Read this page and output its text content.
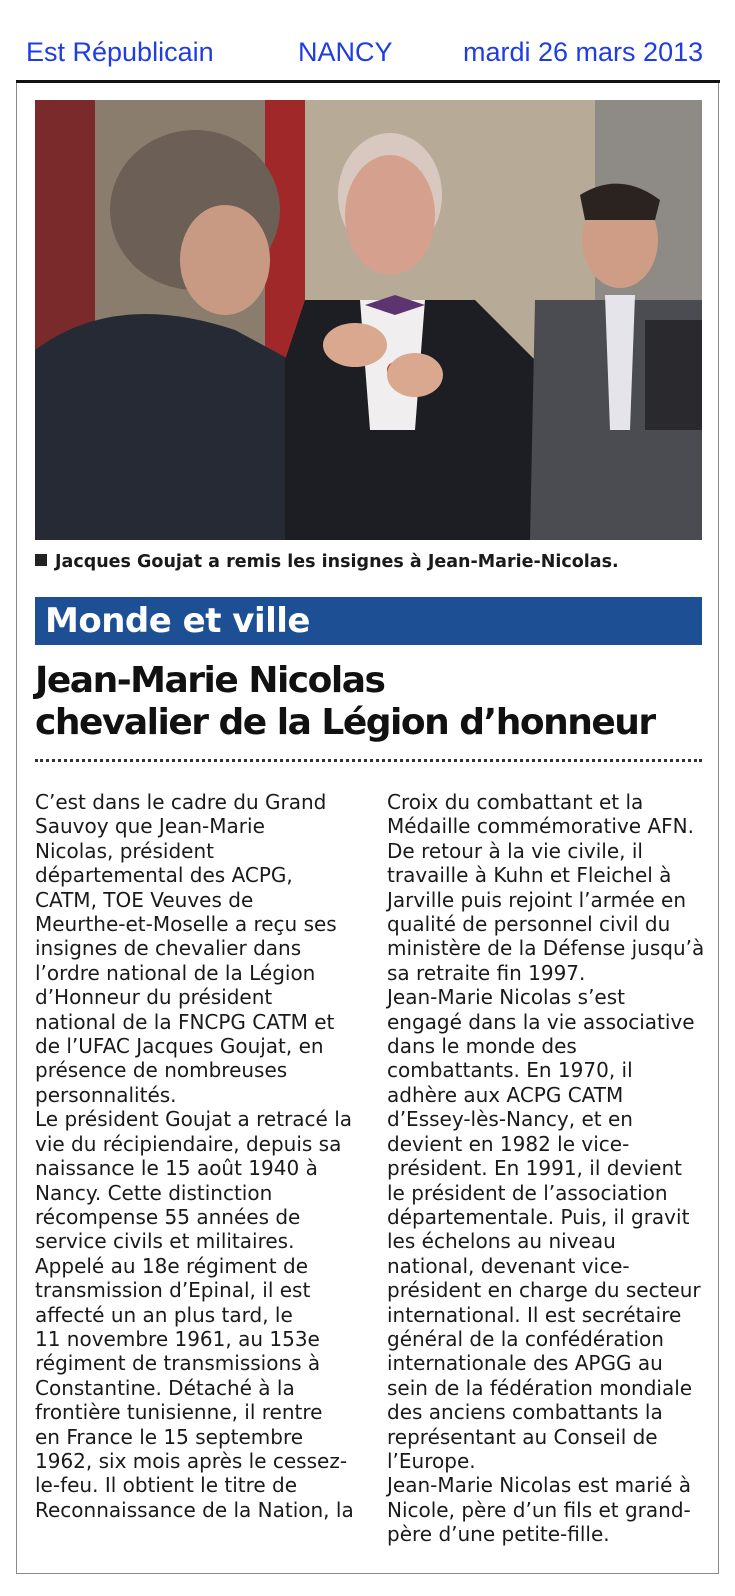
Est Républicain	NANCY	mardi 26 mars 2013
Jacques Goujat a remis les insignes à Jean-Marie-Nicolas.
Monde et ville
Jean-Marie Nicolas
chevalier de la Légion d’honneur
C’est dans le cadre du Grand
Sauvoy que Jean-Marie
Nicolas, président
départemental des ACPG,
CATM, TOE Veuves de
Meurthe-et-Moselle a reçu ses
insignes de chevalier dans
l’ordre national de la Légion
d’Honneur du président
national de la FNCPG CATM et
de l’UFAC Jacques Goujat, en
présence de nombreuses
personnalités.
Le président Goujat a retracé la
vie du récipiendaire, depuis sa
naissance le 15 août 1940 à
Nancy. Cette distinction
récompense 55 années de
service civils et militaires.
Appelé au 18e régiment de
transmission d’Epinal, il est
affecté un an plus tard, le
11 novembre 1961, au 153e
régiment de transmissions à
Constantine. Détaché à la
frontière tunisienne, il rentre
en France le 15 septembre
1962, six mois après le cessez-
le-feu. Il obtient le titre de
Reconnaissance de la Nation, la
Croix du combattant et la
Médaille commémorative AFN.
De retour à la vie civile, il
travaille à Kuhn et Fleichel à
Jarville puis rejoint l’armée en
qualité de personnel civil du
ministère de la Défense jusqu’à
sa retraite fin 1997.
Jean-Marie Nicolas s’est
engagé dans la vie associative
dans le monde des
combattants. En 1970, il
adhère aux ACPG CATM
d’Essey-lès-Nancy, et en
devient en 1982 le vice-
président. En 1991, il devient
le président de l’association
départementale. Puis, il gravit
les échelons au niveau
national, devenant vice-
président en charge du secteur
international. Il est secrétaire
général de la confédération
internationale des APGG au
sein de la fédération mondiale
des anciens combattants la
représentant au Conseil de
l’Europe.
Jean-Marie Nicolas est marié à
Nicole, père d’un fils et grand-
père d’une petite-fille.
